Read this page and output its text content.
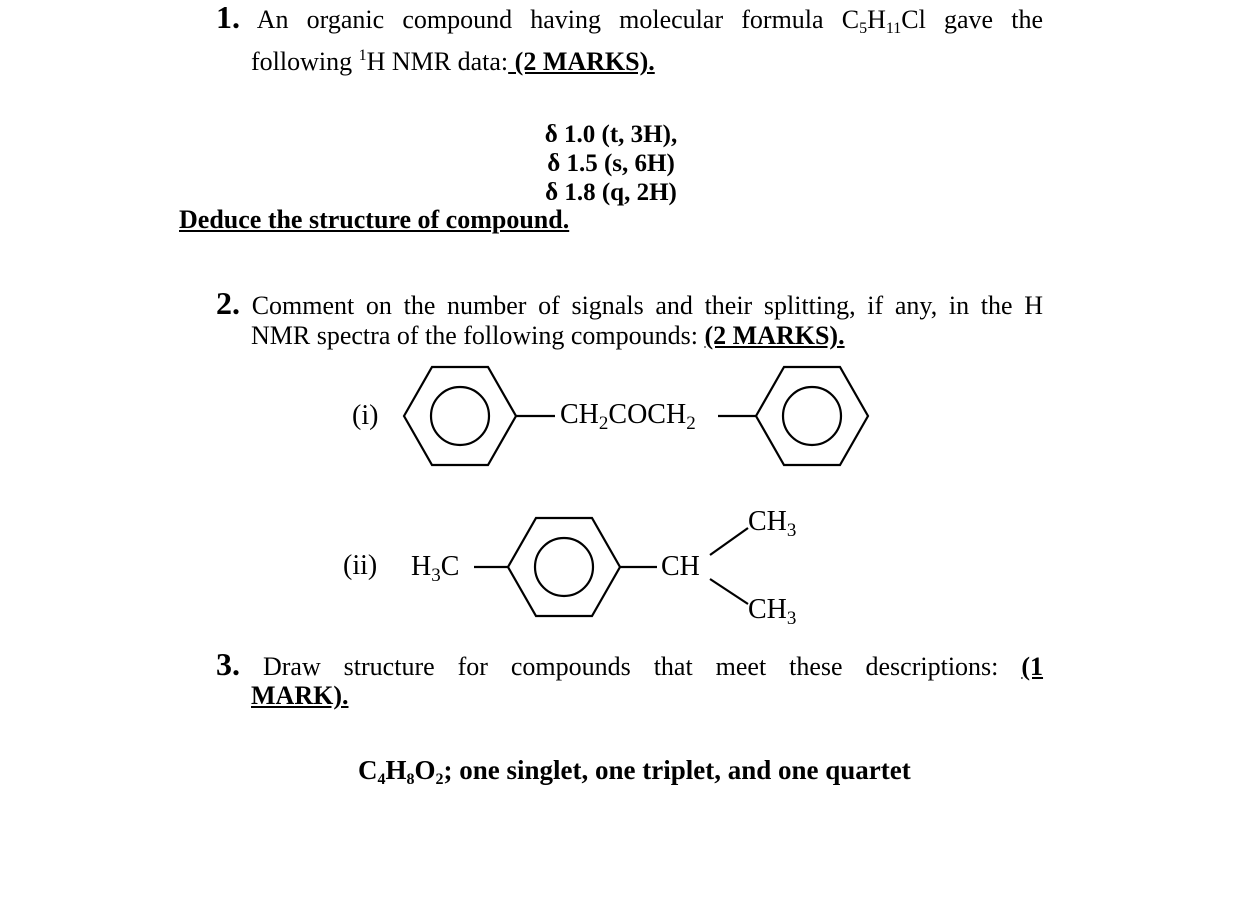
1. An organic compound having molecular formula $C_5H_{11}Cl$ gave the
following $^1$H NMR data: (2 MARKS).
δ 1.0 (t, 3H),
δ 1.5 (s, 6H)
δ 1.8 (q, 2H)
Deduce the structure of compound.
2. Comment on the number of signals and their splitting, if any, in the H
NMR spectra of the following compounds: (2 MARKS).
(i)	$CH_2COCH_2$
(ii) $H_3C$	CH
$CH_3$
$CH_3$
3. Draw structure for compounds that meet these descriptions: (1
MARK).
$C_4H_8O_2$; one singlet, one triplet, and one quartet
